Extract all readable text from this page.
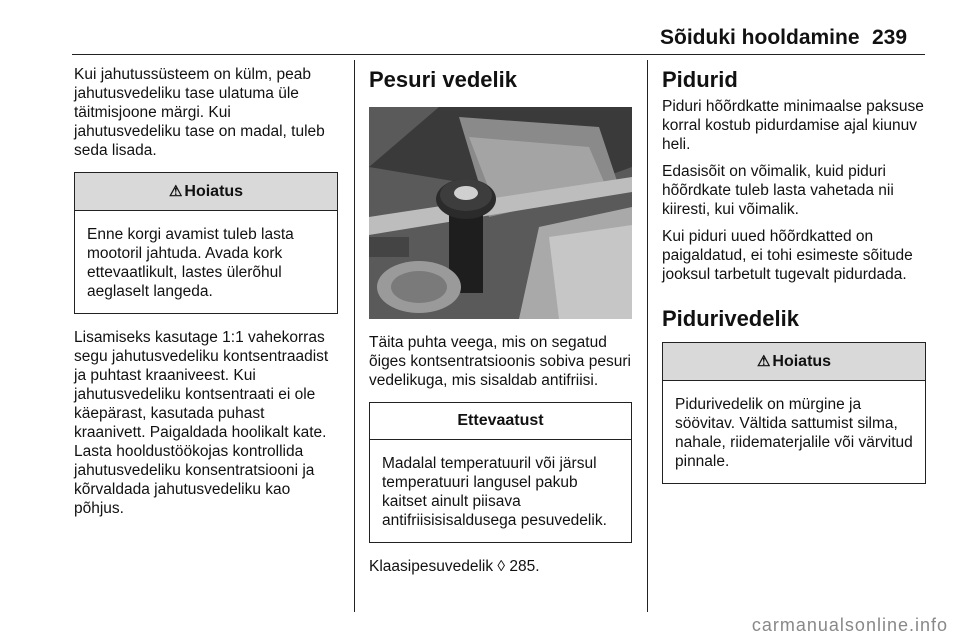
Sõiduki hooldamine 239

Kui jahutussüsteem on külm, peab jahutusvedeliku tase ulatuma üle täitmisjoone märgi. Kui jahutusvedeliku tase on madal, tuleb seda lisada.

⚠ Hoiatus
Enne korgi avamist tuleb lasta mootoril jahtuda. Avada kork ettevaatlikult, lastes ülerõhul aeglaselt langeda.

Lisamiseks kasutage 1:1 vahekorras segu jahutusvedeliku kontsentraadist ja puhtast kraaniveest. Kui jahutusvedeliku kontsentraati ei ole käepärast, kasutada puhast kraanivett. Paigaldada hoolikalt kate. Lasta hooldustöökojas kontrollida jahutusvedeliku konsentratsiooni ja kõrvaldada jahutusvedeliku kao põhjus.

Pesuri vedelik

Täita puhta veega, mis on segatud õiges kontsentratsioonis sobiva pesuri vedelikuga, mis sisaldab antifriisi.

Ettevaatust
Madalal temperatuuril või järsul temperatuuri langusel pakub kaitset ainult piisava antifriisisisaldusega pesuvedelik.

Klaasipesuvedelik ◊ 285.

Pidurid

Piduri hõõrdkatte minimaalse paksuse korral kostub pidurdamise ajal kiunuv heli.

Edasisõit on võimalik, kuid piduri hõõrdkate tuleb lasta vahetada nii kiiresti, kui võimalik.

Kui piduri uued hõõrdkatted on paigaldatud, ei tohi esimeste sõitude jooksul tarbetult tugevalt pidurdada.

Pidurivedelik
⚠ Hoiatus
Pidurivedelik on mürgine ja söövitav. Vältida sattumist silma, nahale, riidematerjalile või värvitud pinnale.
carmanualsonline.info
